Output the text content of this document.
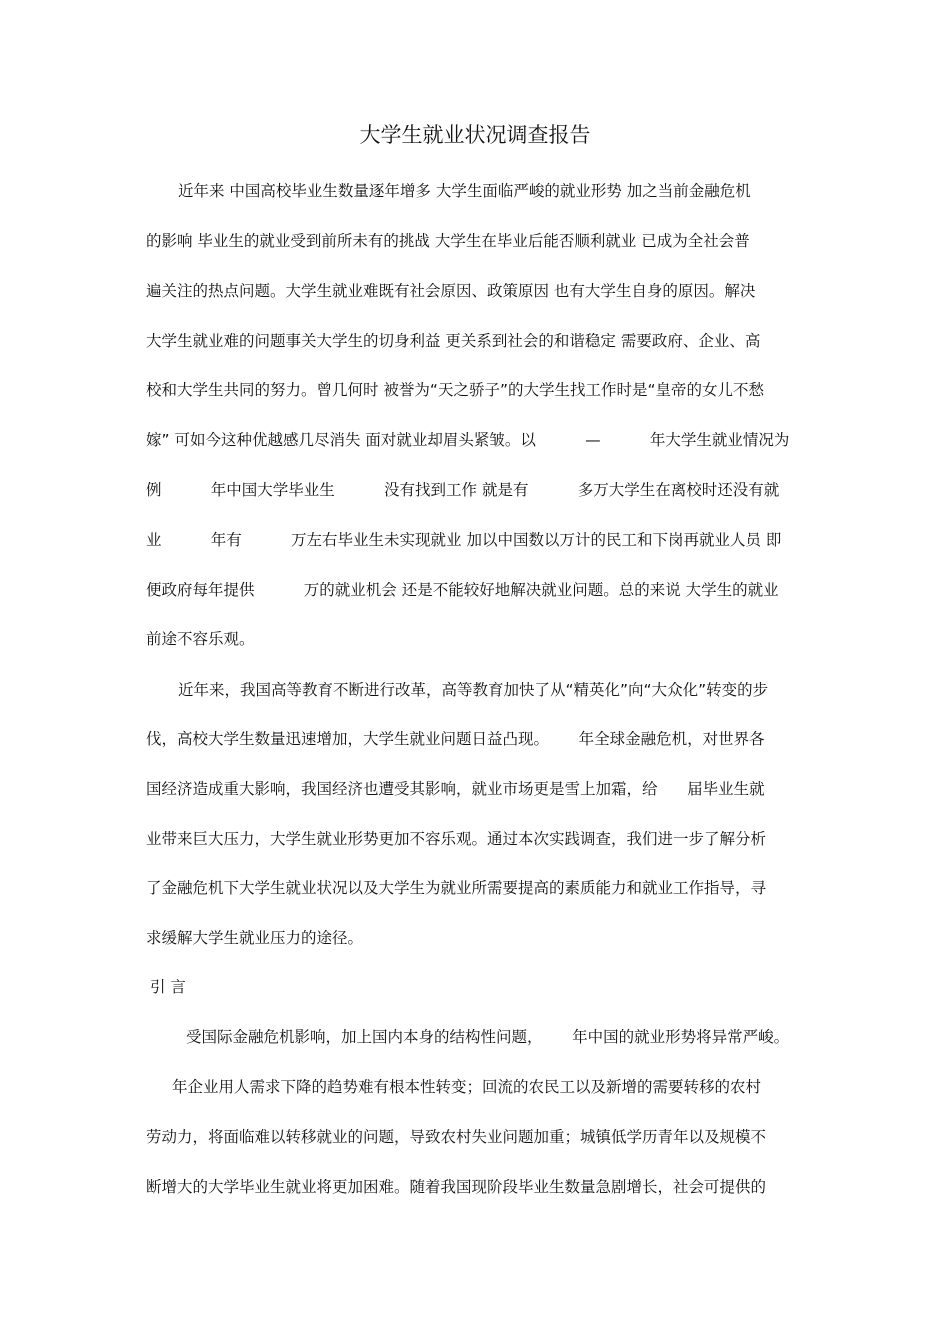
大学生就业状况调查报告
近年来 中国高校毕业生数量逐年增多 大学生面临严峻的就业形势 加之当前金融危机
的影响 毕业生的就业受到前所未有的挑战 大学生在毕业后能否顺利就业 已成为全社会普
遍关注的热点问题。大学生就业难既有社会原因、政策原因 也有大学生自身的原因。解决
大学生就业难的问题事关大学生的切身利益 更关系到社会的和谐稳定 需要政府、企业、高
校和大学生共同的努力。曾几何时 被誉为“天之骄子”的大学生找工作时是“皇帝的女儿不愁
嫁” 可如今这种优越感几尽消失 面对就业却眉头紧皱。以          —          年大学生就业情况为
例          年中国大学毕业生          没有找到工作 就是有          多万大学生在离校时还没有就
业          年有          万左右毕业生未实现就业 加以中国数以万计的民工和下岗再就业人员 即
便政府每年提供          万的就业机会 还是不能较好地解决就业问题。总的来说 大学生的就业
前途不容乐观。
近年来，我国高等教育不断进行改革，高等教育加快了从“精英化”向“大众化”转变的步
伐，高校大学生数量迅速增加，大学生就业问题日益凸现。      年全球金融危机，对世界各
国经济造成重大影响，我国经济也遭受其影响，就业市场更是雪上加霜，给      届毕业生就
业带来巨大压力，大学生就业形势更加不容乐观。通过本次实践调查，我们进一步了解分析
了金融危机下大学生就业状况以及大学生为就业所需要提高的素质能力和就业工作指导，寻
求缓解大学生就业压力的途径。
引 言
受国际金融危机影响，加上国内本身的结构性问题，      年中国的就业形势将异常严峻。
年企业用人需求下降的趋势难有根本性转变；回流的农民工以及新增的需要转移的农村
劳动力，将面临难以转移就业的问题，导致农村失业问题加重；城镇低学历青年以及规模不
断增大的大学毕业生就业将更加困难。随着我国现阶段毕业生数量急剧增长，社会可提供的
